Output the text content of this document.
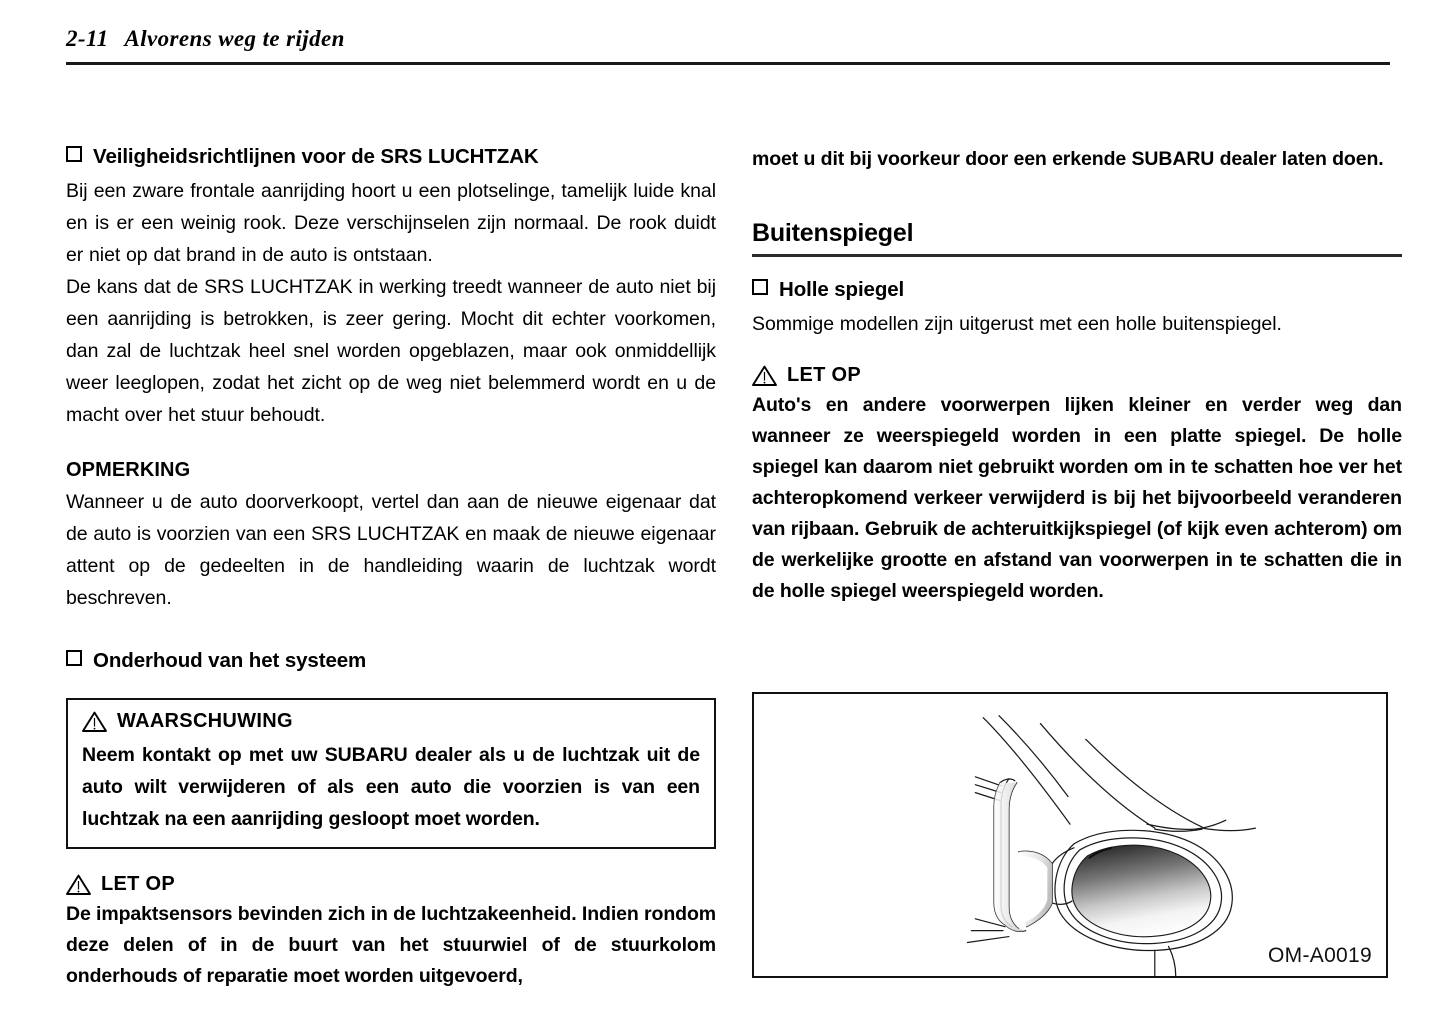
2-11 Alvorens weg te rijden
Veiligheidsrichtlijnen voor de SRS LUCHTZAK

Bij een zware frontale aanrijding hoort u een plotselinge, tamelijk luide knal en is er een weinig rook. Deze verschijnselen zijn normaal. De rook duidt er niet op dat brand in de auto is ontstaan.

De kans dat de SRS LUCHTZAK in werking treedt wanneer de auto niet bij een aanrijding is betrokken, is zeer gering. Mocht dit echter voorkomen, dan zal de luchtzak heel snel worden opgeblazen, maar ook onmiddellijk weer leeglopen, zodat het zicht op de weg niet belemmerd wordt en u de macht over het stuur behoudt.

OPMERKING

Wanneer u de auto doorverkoopt, vertel dan aan de nieuwe eigenaar dat de auto is voorzien van een SRS LUCHTZAK en maak de nieuwe eigenaar attent op de gedeelten in de handleiding waarin de luchtzak wordt beschreven.

Onderhoud van het systeem
WAARSCHUWING

Neem kontakt op met uw SUBARU dealer als u de luchtzak uit de auto wilt verwijderen of als een auto die voorzien is van een luchtzak na een aanrijding gesloopt moet worden.

LET OP

De impaktsensors bevinden zich in de luchtzakeenheid. Indien rondom deze delen of in de buurt van het stuurwiel of de stuurkolom onderhouds of reparatie moet worden uitgevoerd,

moet u dit bij voorkeur door een erkende SUBARU dealer laten doen.

Buitenspiegel
Holle spiegel

Sommige modellen zijn uitgerust met een holle buitenspiegel.

LET OP

Auto's en andere voorwerpen lijken kleiner en verder weg dan wanneer ze weerspiegeld worden in een platte spiegel. De holle spiegel kan daarom niet gebruikt worden om in te schatten hoe ver het achteropkomend verkeer verwijderd is bij het bijvoorbeeld veranderen van rijbaan. Gebruik de achteruitkijkspiegel (of kijk even achterom) om de werkelijke grootte en afstand van voorwerpen in te schatten die in de holle spiegel weerspiegeld worden.

OM-A0019
